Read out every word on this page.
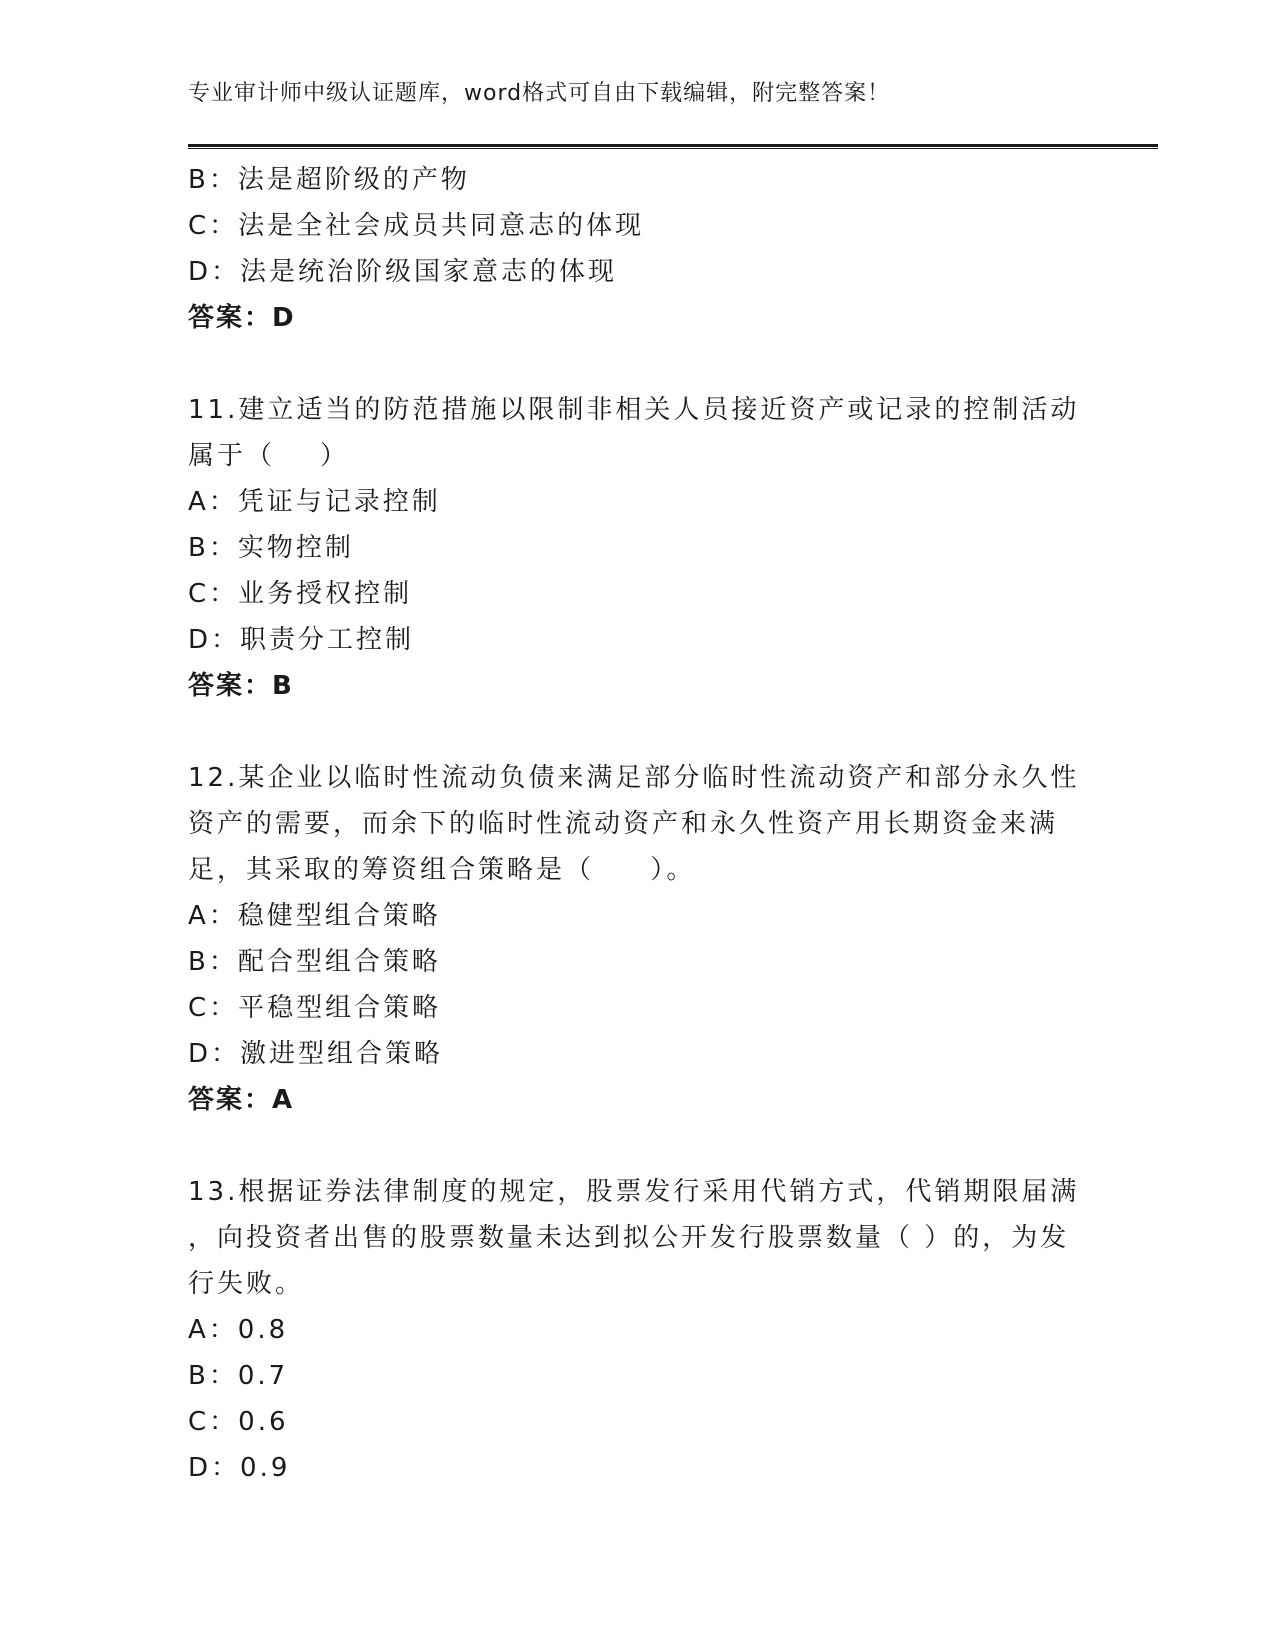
专业审计师中级认证题库，word格式可自由下载编辑，附完整答案！
B：法是超阶级的产物
C：法是全社会成员共同意志的体现
D：法是统治阶级国家意志的体现
答案：D
11.建立适当的防范措施以限制非相关人员接近资产或记录的控制活动
属于（    ）
A：凭证与记录控制
B：实物控制
C：业务授权控制
D：职责分工控制
答案：B
12.某企业以临时性流动负债来满足部分临时性流动资产和部分永久性
资产的需要，而余下的临时性流动资产和永久性资产用长期资金来满
足，其采取的筹资组合策略是（     ）。
A：稳健型组合策略
B：配合型组合策略
C：平稳型组合策略
D：激进型组合策略
答案：A
13.根据证券法律制度的规定，股票发行采用代销方式，代销期限届满
，向投资者出售的股票数量未达到拟公开发行股票数量（ ）的，为发
行失败。
A：0.8
B：0.7
C：0.6
D：0.9
